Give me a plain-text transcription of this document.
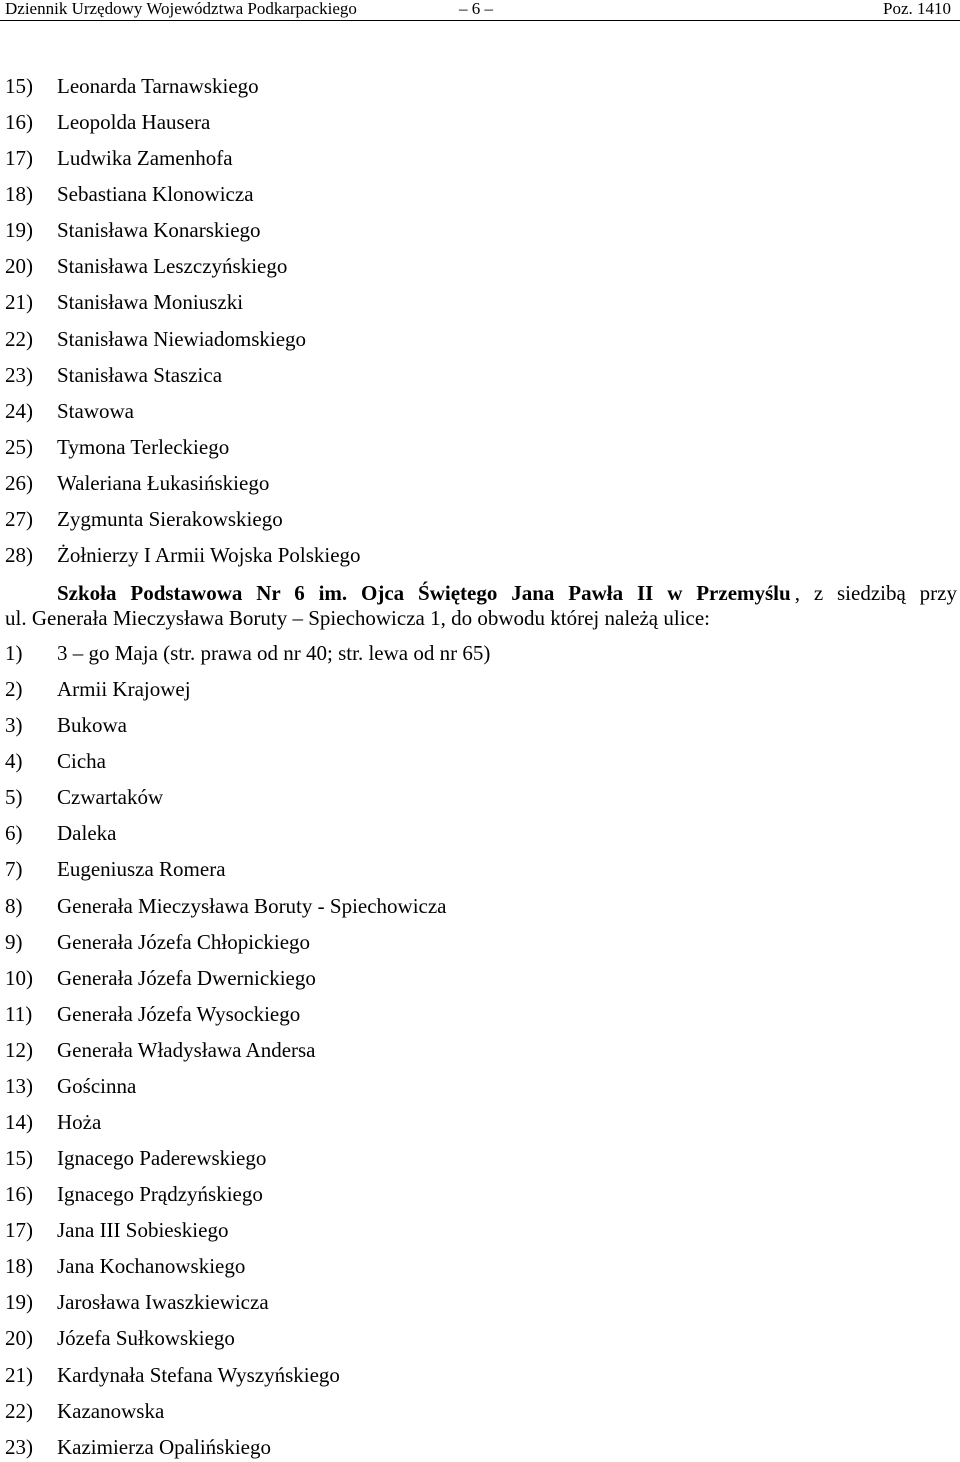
Dziennik Urzędowy Województwa Podkarpackiego	– 6 –	Poz. 1410
15)	Leonarda Tarnawskiego
16)	Leopolda Hausera
17)	Ludwika Zamenhofa
18)	Sebastiana Klonowicza
19)	Stanisława Konarskiego
20)	Stanisława Leszczyńskiego
21)	Stanisława Moniuszki
22)	Stanisława Niewiadomskiego
23)	Stanisława Staszica
24)	Stawowa
25)	Tymona Terleckiego
26)	Waleriana Łukasińskiego
27)	Zygmunta Sierakowskiego
28)	Żołnierzy I Armii Wojska Polskiego
Szkoła Podstawowa Nr 6 im. Ojca Świętego Jana Pawła II w Przemyślu , z siedzibą przy
ul. Generała Mieczysława Boruty – Spiechowicza 1, do obwodu której należą ulice:
1)	3 – go Maja (str. prawa od nr 40; str. lewa od nr 65)
2)	Armii Krajowej
3)	Bukowa
4)	Cicha
5)	Czwartaków
6)	Daleka
7)	Eugeniusza Romera
8)	Generała Mieczysława Boruty - Spiechowicza
9)	Generała Józefa Chłopickiego
10)	Generała Józefa Dwernickiego
11)	Generała Józefa Wysockiego
12)	Generała Władysława Andersa
13)	Gościnna
14)	Hoża
15)	Ignacego Paderewskiego
16)	Ignacego Prądzyńskiego
17)	Jana III Sobieskiego
18)	Jana Kochanowskiego
19)	Jarosława Iwaszkiewicza
20)	Józefa Sułkowskiego
21)	Kardynała Stefana Wyszyńskiego
22)	Kazanowska
23)	Kazimierza Opalińskiego
